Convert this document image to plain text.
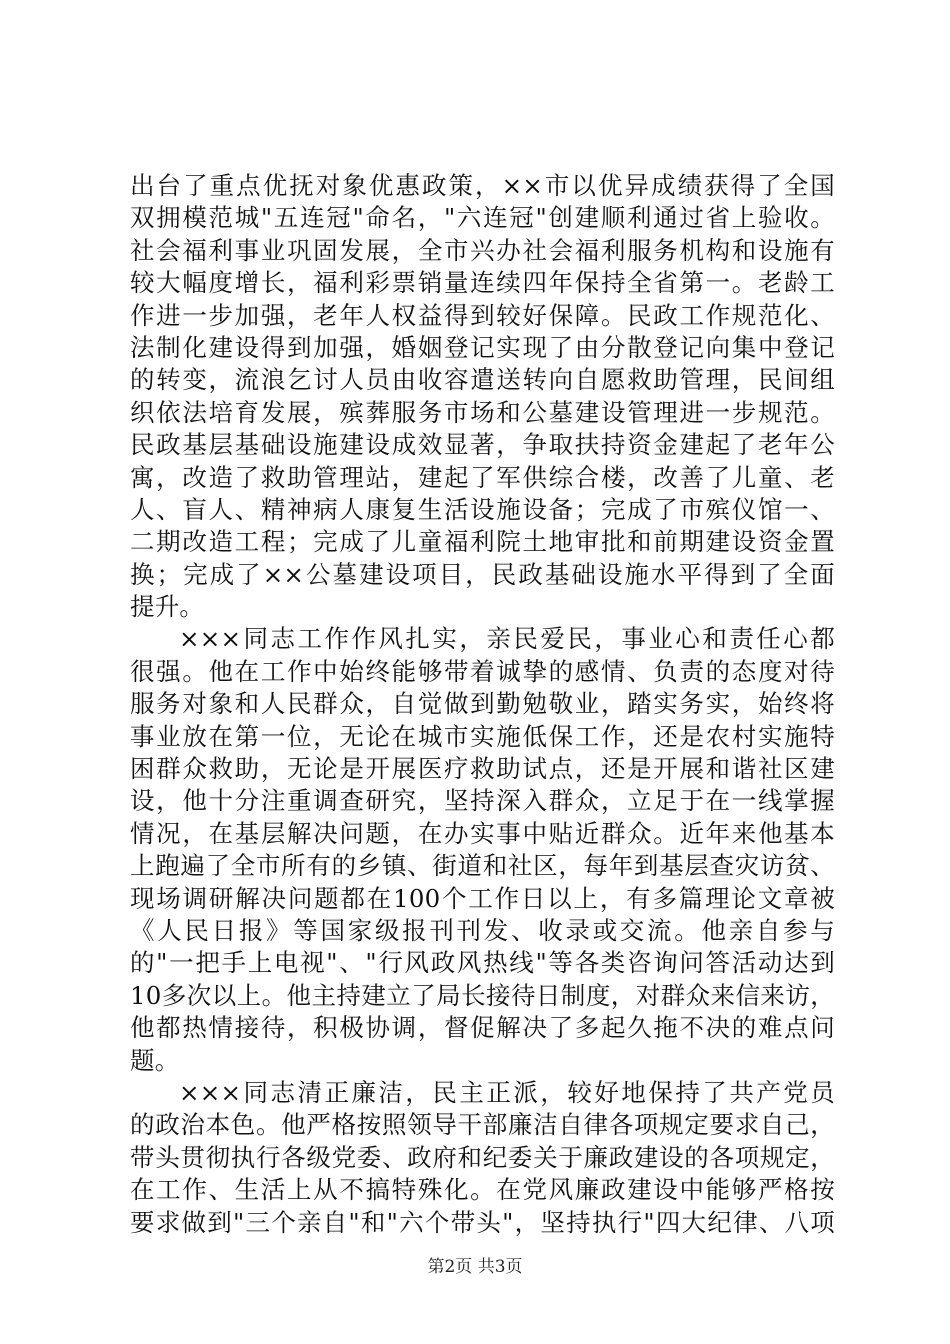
出台了重点优抚对象优惠政策，××市以优异成绩获得了全国
双拥模范城"五连冠"命名，"六连冠"创建顺利通过省上验收。
社会福利事业巩固发展，全市兴办社会福利服务机构和设施有
较大幅度增长，福利彩票销量连续四年保持全省第一。老龄工
作进一步加强，老年人权益得到较好保障。民政工作规范化、
法制化建设得到加强，婚姻登记实现了由分散登记向集中登记
的转变，流浪乞讨人员由收容遣送转向自愿救助管理，民间组
织依法培育发展，殡葬服务市场和公墓建设管理进一步规范。
民政基层基础设施建设成效显著，争取扶持资金建起了老年公
寓，改造了救助管理站，建起了军供综合楼，改善了儿童、老
人、盲人、精神病人康复生活设施设备；完成了市殡仪馆一、
二期改造工程；完成了儿童福利院土地审批和前期建设资金置
换；完成了××公墓建设项目，民政基础设施水平得到了全面
提升。
×××同志工作作风扎实，亲民爱民，事业心和责任心都
很强。他在工作中始终能够带着诚挚的感情、负责的态度对待
服务对象和人民群众，自觉做到勤勉敬业，踏实务实，始终将
事业放在第一位，无论在城市实施低保工作，还是农村实施特
困群众救助，无论是开展医疗救助试点，还是开展和谐社区建
设，他十分注重调查研究，坚持深入群众，立足于在一线掌握
情况，在基层解决问题，在办实事中贴近群众。近年来他基本
上跑遍了全市所有的乡镇、街道和社区，每年到基层查灾访贫、
现场调研解决问题都在100个工作日以上，有多篇理论文章被
《人民日报》等国家级报刊刊发、收录或交流。他亲自参与
的"一把手上电视"、"行风政风热线"等各类咨询问答活动达到
10多次以上。他主持建立了局长接待日制度，对群众来信来访，
他都热情接待，积极协调，督促解决了多起久拖不决的难点问
题。
×××同志清正廉洁，民主正派，较好地保持了共产党员
的政治本色。他严格按照领导干部廉洁自律各项规定要求自己，
带头贯彻执行各级党委、政府和纪委关于廉政建设的各项规定，
在工作、生活上从不搞特殊化。在党风廉政建设中能够严格按
要求做到"三个亲自"和"六个带头"，坚持执行"四大纪律、八项
第2页 共3页
